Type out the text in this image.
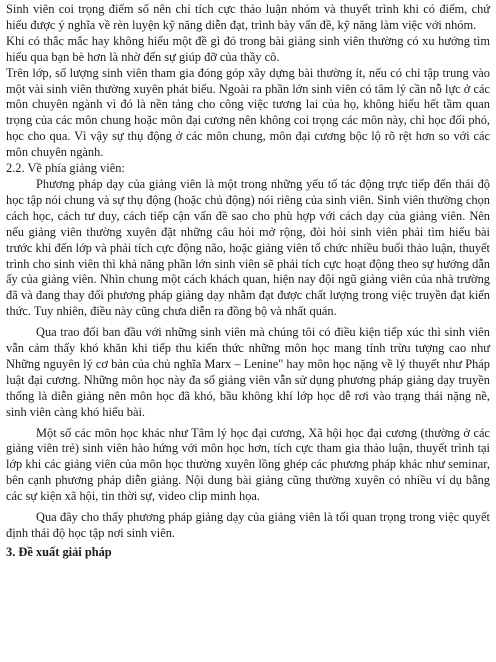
Sinh viên coi trọng điểm số nên chỉ tích cực thảo luận nhóm và thuyết trình khi có điểm, chứ hiểu được ý nghĩa về rèn luyện kỹ năng diễn đạt, trình bày vấn đề, kỹ năng làm việc với nhóm.

Khi có thắc mắc hay không hiểu một đề gì đó trong bài giảng sinh viên thường có xu hướng tìm hiểu qua bạn bè hơn là nhờ đến sự giúp đỡ của thầy cô.

Trên lớp, số lượng sinh viên tham gia đóng góp xây dựng bài thường ít, nếu có chỉ tập trung vào một vài sinh viên thường xuyên phát biểu. Ngoài ra phần lớn sinh viên có tâm lý cần nỗ lực ở các môn chuyên ngành vì đó là nền tảng cho công việc tương lai của họ, không hiểu hết tầm quan trọng của các môn chung hoặc môn đại cương nên không coi trọng các môn này, chỉ học đối phó, học cho qua. Vì vậy sự thụ động ở các môn chung, môn đại cương bộc lộ rõ rệt hơn so với các môn chuyên ngành.

2.2. Về phía giảng viên:

Phương pháp dạy của giảng viên là một trong những yếu tố tác động trực tiếp đến thái độ học tập nói chung và sự thụ động (hoặc chủ động) nói riêng của sinh viên. Sinh viên thường chọn cách học, cách tư duy, cách tiếp cận vấn đề sao cho phù hợp với cách dạy của giảng viên. Nên nếu giảng viên thường xuyên đặt những câu hỏi mở rộng, đòi hỏi sinh viên phải tìm hiểu bài trước khi đến lớp và phải tích cực động não, hoặc giảng viên tổ chức nhiều buổi thảo luận, thuyết trình cho sinh viên thì khả năng phần lớn sinh viên sẽ phải tích cực hoạt động theo sự hướng dẫn ấy của giảng viên. Nhìn chung một cách khách quan, hiện nay đội ngũ giảng viên của nhà trường đã và đang thay đổi phương pháp giảng dạy nhằm đạt được chất lượng trong việc truyền đạt kiến thức. Tuy nhiên, điều này cũng chưa diễn ra đồng bộ và nhất quán.

Qua trao đổi ban đầu với những sinh viên mà chúng tôi có điều kiện tiếp xúc thì sinh viên vẫn cảm thấy khó khăn khi tiếp thu kiến thức những môn học mang tính trừu tượng cao như Những nguyên lý cơ bản của chủ nghĩa Marx – Lenine" hay môn học nặng về lý thuyết như Pháp luật đại cương. Những môn học này đa số giảng viên vẫn sử dụng phương pháp giảng dạy truyền thống là diễn giảng nên môn học đã khó, bầu không khí lớp học dễ rơi vào trạng thái nặng nề, sinh viên càng khó hiểu bài.

Một số các môn học khác như Tâm lý học đại cương, Xã hội học đại cương (thường ở các giảng viên trẻ) sinh viên hào hứng với môn học hơn, tích cực tham gia thảo luận, thuyết trình tại lớp khi các giảng viên của môn học thường xuyên lồng ghép các phương pháp khác như seminar, bên cạnh phương pháp diễn giảng. Nội dung bài giảng cũng thường xuyên có nhiều ví dụ bằng các sự kiện xã hội, tin thời sự, video clip minh họa.

Qua đây cho thấy phương pháp giảng dạy của giảng viên là tối quan trọng trong việc quyết định thái độ học tập nơi sinh viên.

3. Đề xuất giải pháp
